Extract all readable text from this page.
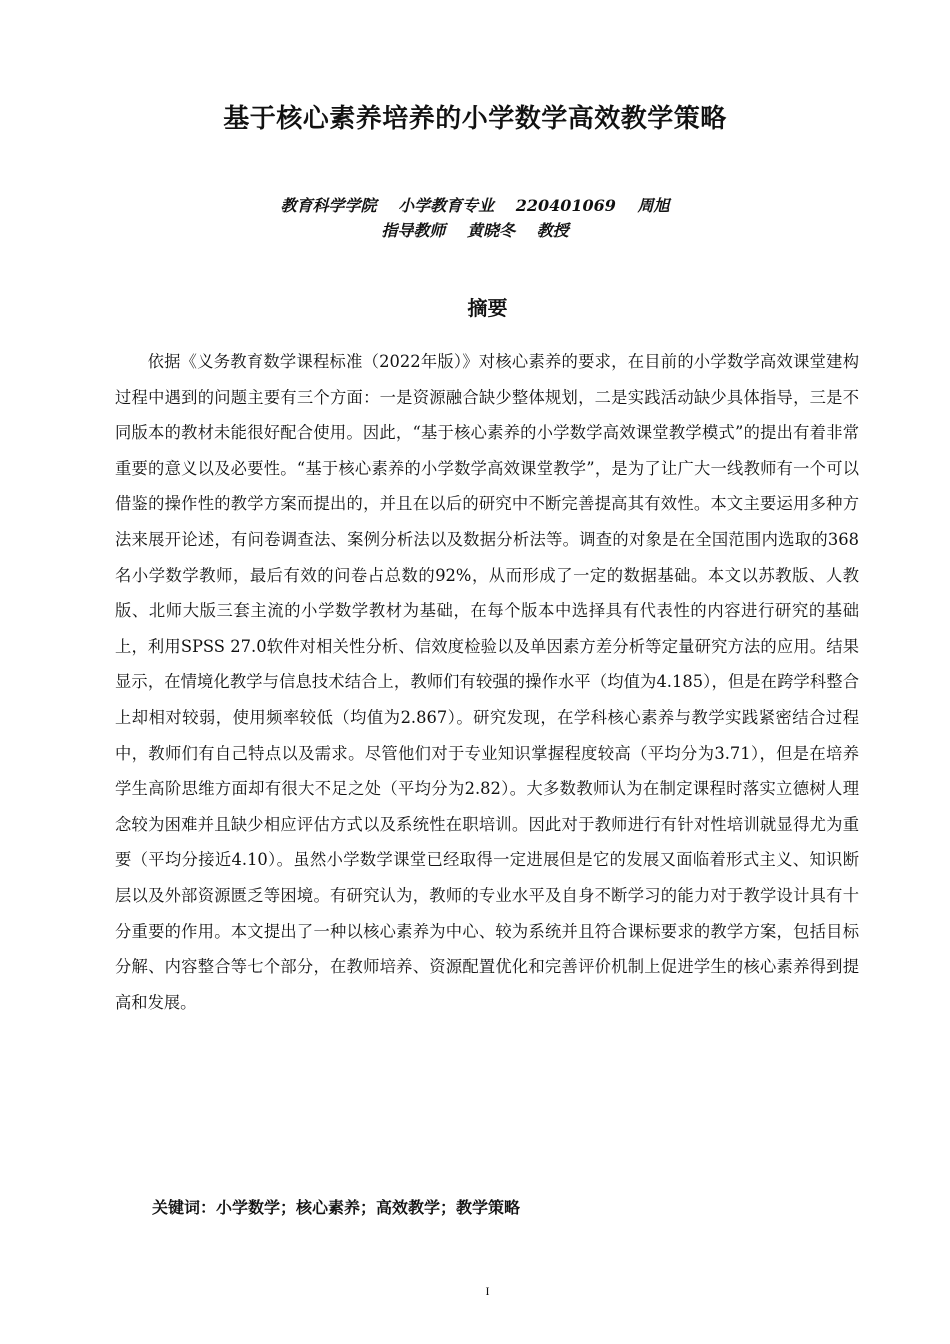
基于核心素养培养的小学数学高效教学策略
教育科学学院 小学教育专业 220401069 周旭
指导教师 黄晓冬 教授
摘要

依据《义务教育数学课程标准（2022年版）》对核心素养的要求，在目前的小学数学高效课堂建构过程中遇到的问题主要有三个方面：一是资源融合缺少整体规划，二是实践活动缺少具体指导，三是不同版本的教材未能很好配合使用。因此，“基于核心素养的小学数学高效课堂教学模式”的提出有着非常重要的意义以及必要性。“基于核心素养的小学数学高效课堂教学”，是为了让广大一线教师有一个可以借鉴的操作性的教学方案而提出的，并且在以后的研究中不断完善提高其有效性。本文主要运用多种方法来展开论述，有问卷调查法、案例分析法以及数据分析法等。调查的对象是在全国范围内选取的368名小学数学教师，最后有效的问卷占总数的92%，从而形成了一定的数据基础。本文以苏教版、人教版、北师大版三套主流的小学数学教材为基础，在每个版本中选择具有代表性的内容进行研究的基础上，利用SPSS 27.0软件对相关性分析、信效度检验以及单因素方差分析等定量研究方法的应用。结果显示，在情境化教学与信息技术结合上，教师们有较强的操作水平（均值为4.185），但是在跨学科整合上却相对较弱，使用频率较低（均值为2.867）。研究发现，在学科核心素养与教学实践紧密结合过程中，教师们有自己特点以及需求。尽管他们对于专业知识掌握程度较高（平均分为3.71），但是在培养学生高阶思维方面却有很大不足之处（平均分为2.82）。大多数教师认为在制定课程时落实立德树人理念较为困难并且缺少相应评估方式以及系统性在职培训。因此对于教师进行有针对性培训就显得尤为重要（平均分接近4.10）。虽然小学数学课堂已经取得一定进展但是它的发展又面临着形式主义、知识断层以及外部资源匮乏等困境。有研究认为，教师的专业水平及自身不断学习的能力对于教学设计具有十分重要的作用。本文提出了一种以核心素养为中心、较为系统并且符合课标要求的教学方案，包括目标分解、内容整合等七个部分，在教师培养、资源配置优化和完善评价机制上促进学生的核心素养得到提高和发展。

关键词：小学数学；核心素养；高效教学；教学策略
I
